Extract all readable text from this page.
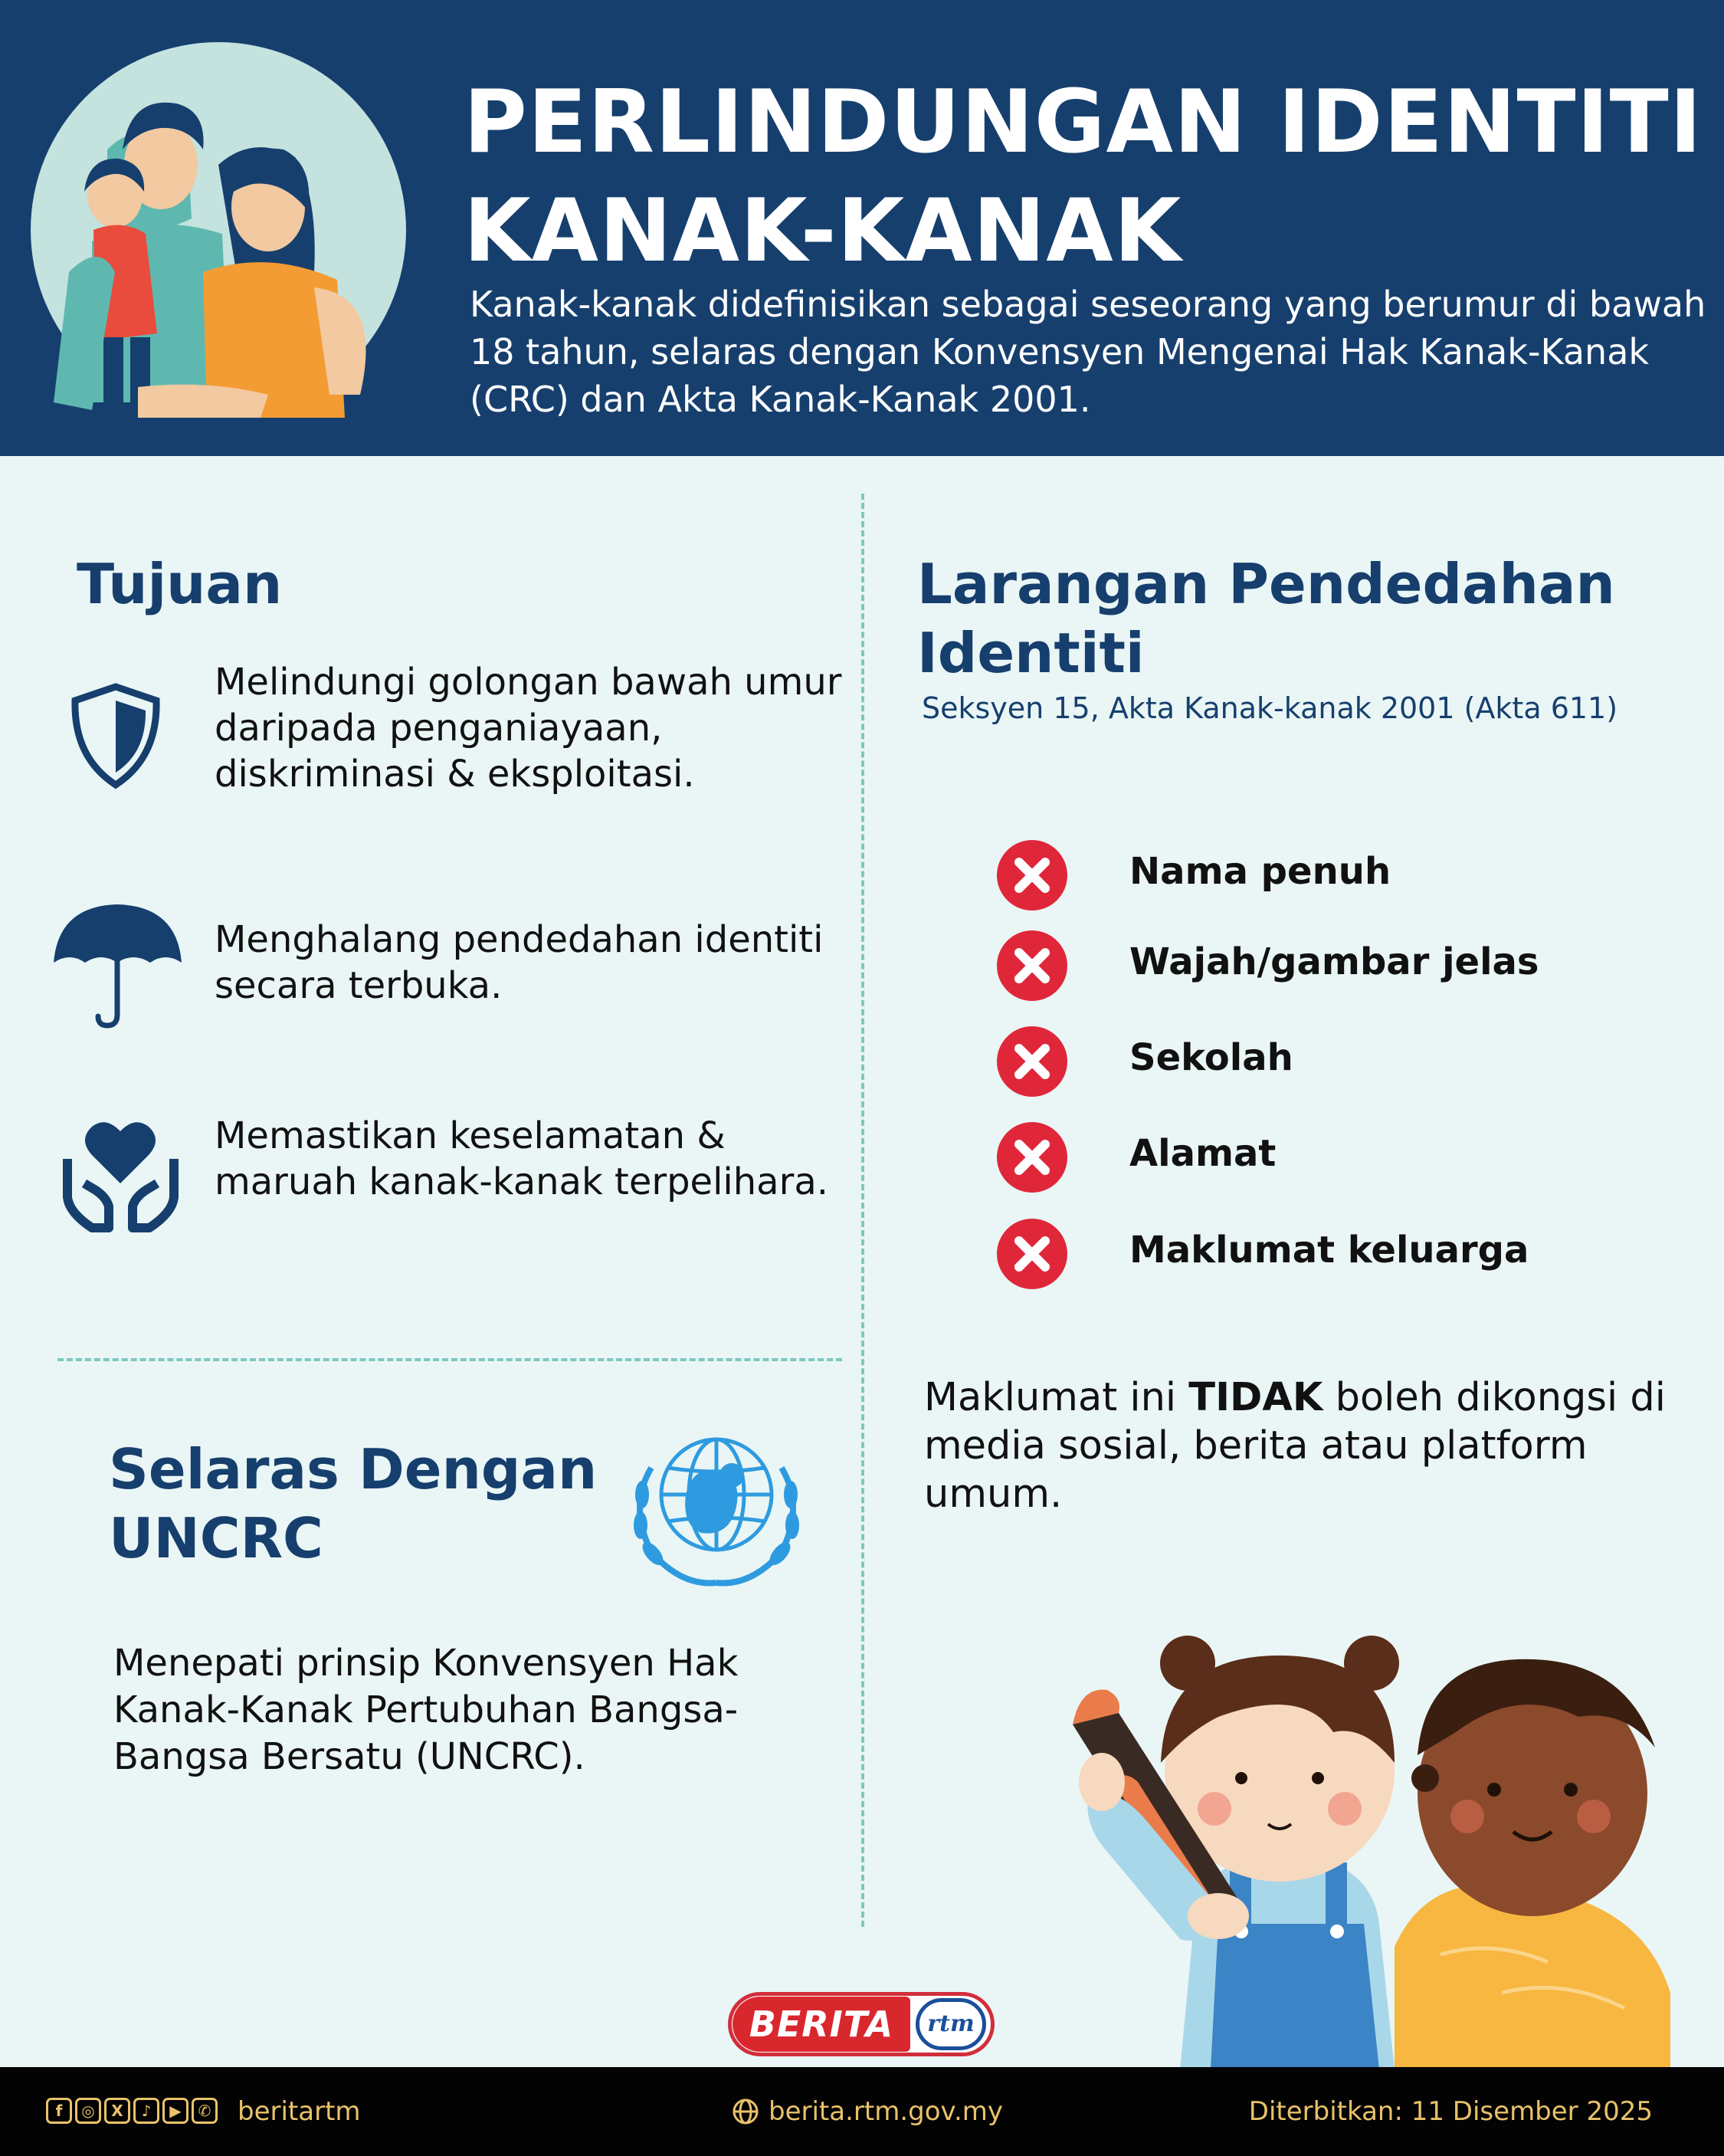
PERLINDUNGAN IDENTITI
KANAK-KANAK
Kanak-kanak didefinisikan sebagai seseorang yang berumur di bawah 18 tahun, selaras dengan Konvensyen Mengenai Hak Kanak-Kanak (CRC) dan Akta Kanak-Kanak 2001.
Tujuan
Melindungi golongan bawah umur daripada penganiayaan, diskriminasi & eksploitasi.
Menghalang pendedahan identiti secara terbuka.
Memastikan keselamatan & maruah kanak-kanak terpelihara.
Larangan Pendedahan Identiti
Seksyen 15, Akta Kanak-kanak 2001 (Akta 611)
Nama penuh
Wajah/gambar jelas
Sekolah
Alamat
Maklumat keluarga
Maklumat ini TIDAK boleh dikongsi di media sosial, berita atau platform umum.
Selaras Dengan UNCRC
Menepati prinsip Konvensyen Hak Kanak-Kanak Pertubuhan Bangsa-Bangsa Bersatu (UNCRC).
BERITA	rtm
f	◎	X	♪	▶	✆ beritartm	berita.rtm.gov.my	Diterbitkan: 11 Disember 2025
